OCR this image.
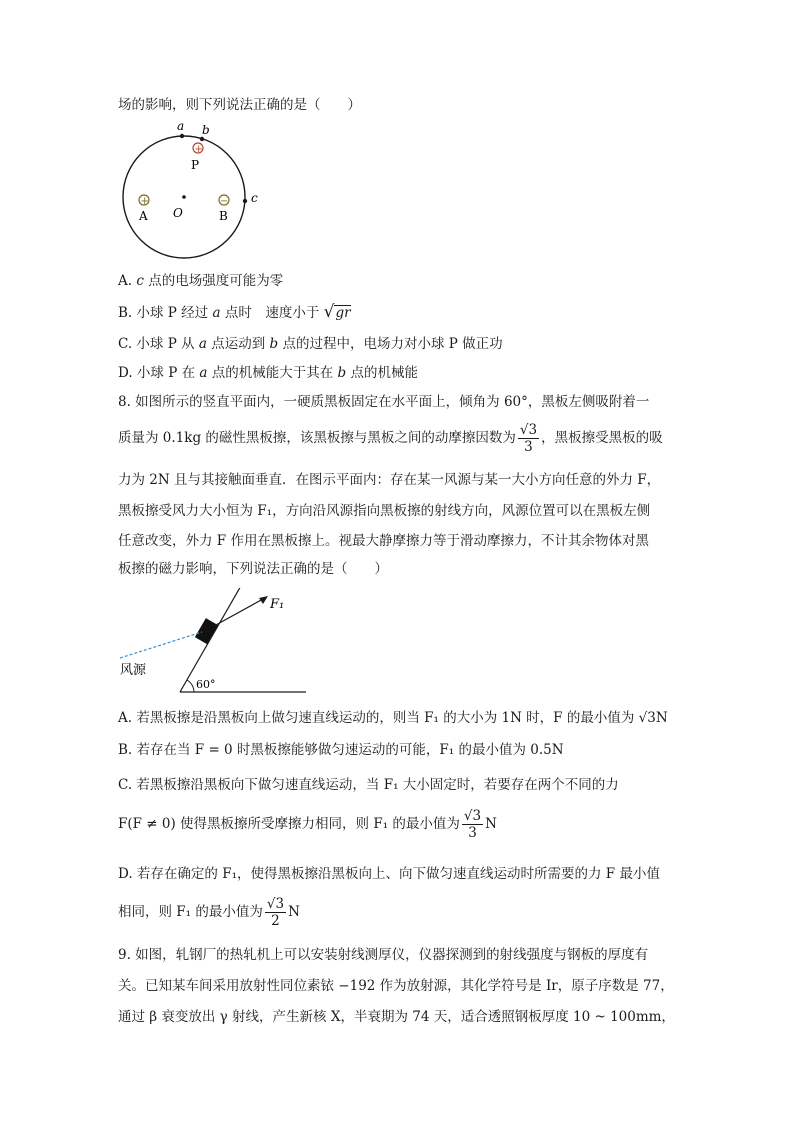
场的影响，则下列说法正确的是（　　）
a b
c
+
P
+
A O
−
B
A. c 点的电场强度可能为零
B. 小球 P 经过 a 点时　速度小于 √gr
C. 小球 P 从 a 点运动到 b 点的过程中，电场力对小球 P 做正功
D. 小球 P 在 a 点的机械能大于其在 b 点的机械能
8. 如图所示的竖直平面内，一硬质黑板固定在水平面上，倾角为 60°，黑板左侧吸附着一
质量为 0.1kg 的磁性黑板擦，该黑板擦与黑板之间的动摩擦因数为 $\frac{√3}{3}$ ，黑板擦受黑板的吸
力为 2N 且与其接触面垂直．在图示平面内：存在某一风源与某一大小方向任意的外力 F，
黑板擦受风力大小恒为 F₁，方向沿风源指向黑板擦的射线方向，风源位置可以在黑板左侧
任意改变，外力 F 作用在黑板擦上。视最大静摩擦力等于滑动摩擦力，不计其余物体对黑
板擦的磁力影响，下列说法正确的是（　　）
60°
风源
F₁
A. 若黑板擦是沿黑板向上做匀速直线运动的，则当 F₁ 的大小为 1N 时，F 的最小值为 √3N
B. 若存在当 F = 0 时黑板擦能够做匀速运动的可能，F₁ 的最小值为 0.5N
C. 若黑板擦沿黑板向下做匀速直线运动，当 F₁ 大小固定时，若要存在两个不同的力
F(F ≠ 0) 使得黑板擦所受摩擦力相同，则 F₁ 的最小值为 $\frac{√3}{3}$ N
D. 若存在确定的 F₁，使得黑板擦沿黑板向上、向下做匀速直线运动时所需要的力 F 最小值
相同，则 F₁ 的最小值为 $\frac{√3}{2}$ N
9. 如图，轧钢厂的热轧机上可以安装射线测厚仪，仪器探测到的射线强度与钢板的厚度有
关。已知某车间采用放射性同位素铱 −192 作为放射源，其化学符号是 Ir，原子序数是 77，
通过 β 衰变放出 γ 射线，产生新核 X，半衰期为 74 天，适合透照钢板厚度 10 ~ 100mm，
